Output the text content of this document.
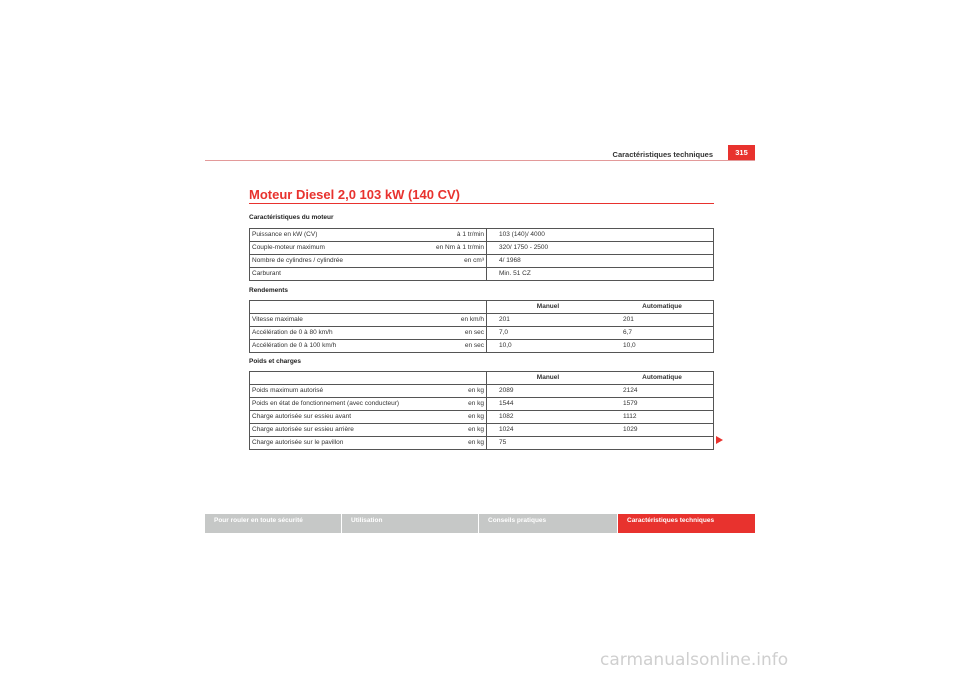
Caractéristiques techniques	315
Moteur Diesel 2,0 103 kW (140 CV)
Caractéristiques du moteur
Puissance en kW (CV)	à 1 tr/min	103 (140)/ 4000
Couple-moteur maximum	en Nm à 1 tr/min	320/ 1750 - 2500
Nombre de cylindres / cylindrée	en cm³	4/ 1968
Carburant		Min. 51 CZ
Rendements
		Manuel	Automatique
Vitesse maximale	en km/h	201	201
Accélération de 0 à 80 km/h	en sec	7,0	6,7
Accélération de 0 à 100 km/h	en sec	10,0	10,0
Poids et charges
		Manuel	Automatique
Poids maximum autorisé	en kg	2089	2124
Poids en état de fonctionnement (avec conducteur)	en kg	1544	1579
Charge autorisée sur essieu avant	en kg	1082	1112
Charge autorisée sur essieu arrière	en kg	1024	1029
Charge autorisée sur le pavillon	en kg	75	
Pour rouler en toute sécurité	Utilisation	Conseils pratiques	Caractéristiques techniques
carmanualsonline.info
